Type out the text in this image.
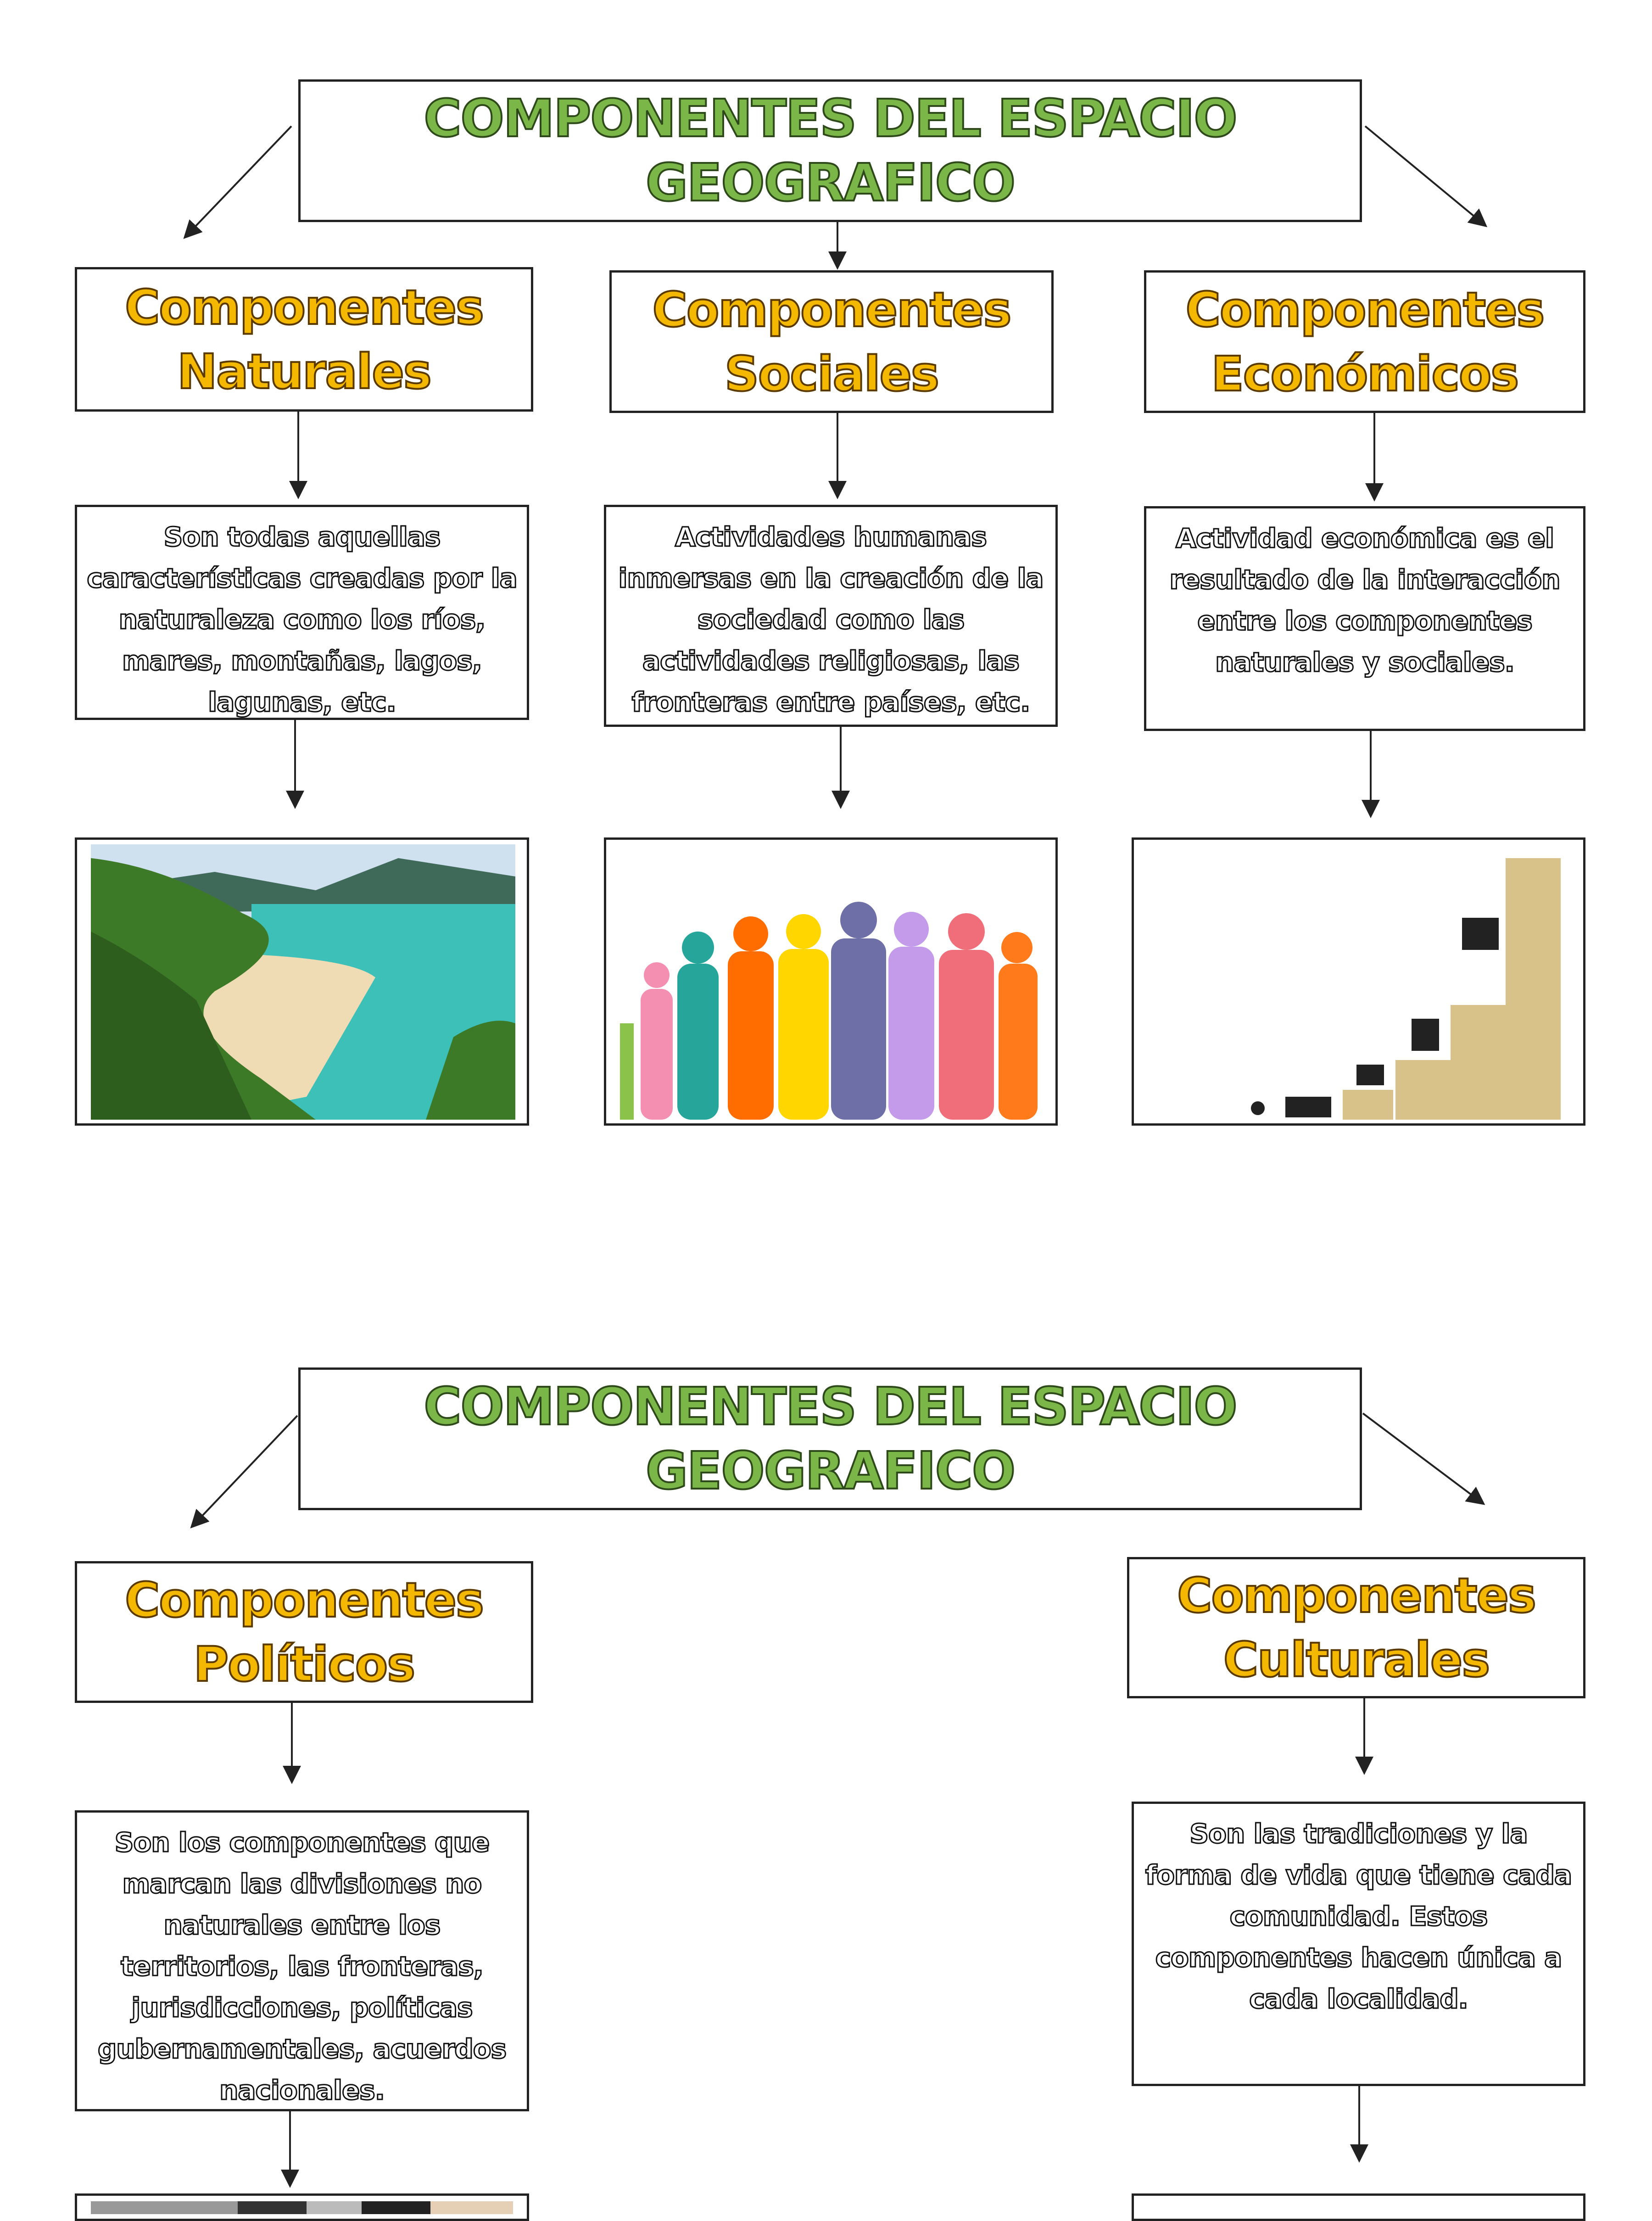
COMPONENTES DEL ESPACIO
GEOGRAFICO
Componentes
Naturales
Componentes
Sociales
Componentes
Económicos
Son todas aquellas características creadas por la naturaleza como los ríos, mares, montañas, lagos, lagunas, etc.
Actividades humanas inmersas en la creación de la sociedad como las actividades religiosas, las fronteras entre países, etc.
Actividad económica es el resultado de la interacción entre los componentes naturales y sociales.
COMPONENTES DEL ESPACIO
GEOGRAFICO
Componentes
Políticos
Componentes
Culturales
Son los componentes que marcan las divisiones no naturales entre los territorios, las fronteras, jurisdicciones, políticas gubernamentales, acuerdos nacionales.
Son las tradiciones y la forma de vida que tiene cada comunidad. Estos componentes hacen única a cada localidad.
